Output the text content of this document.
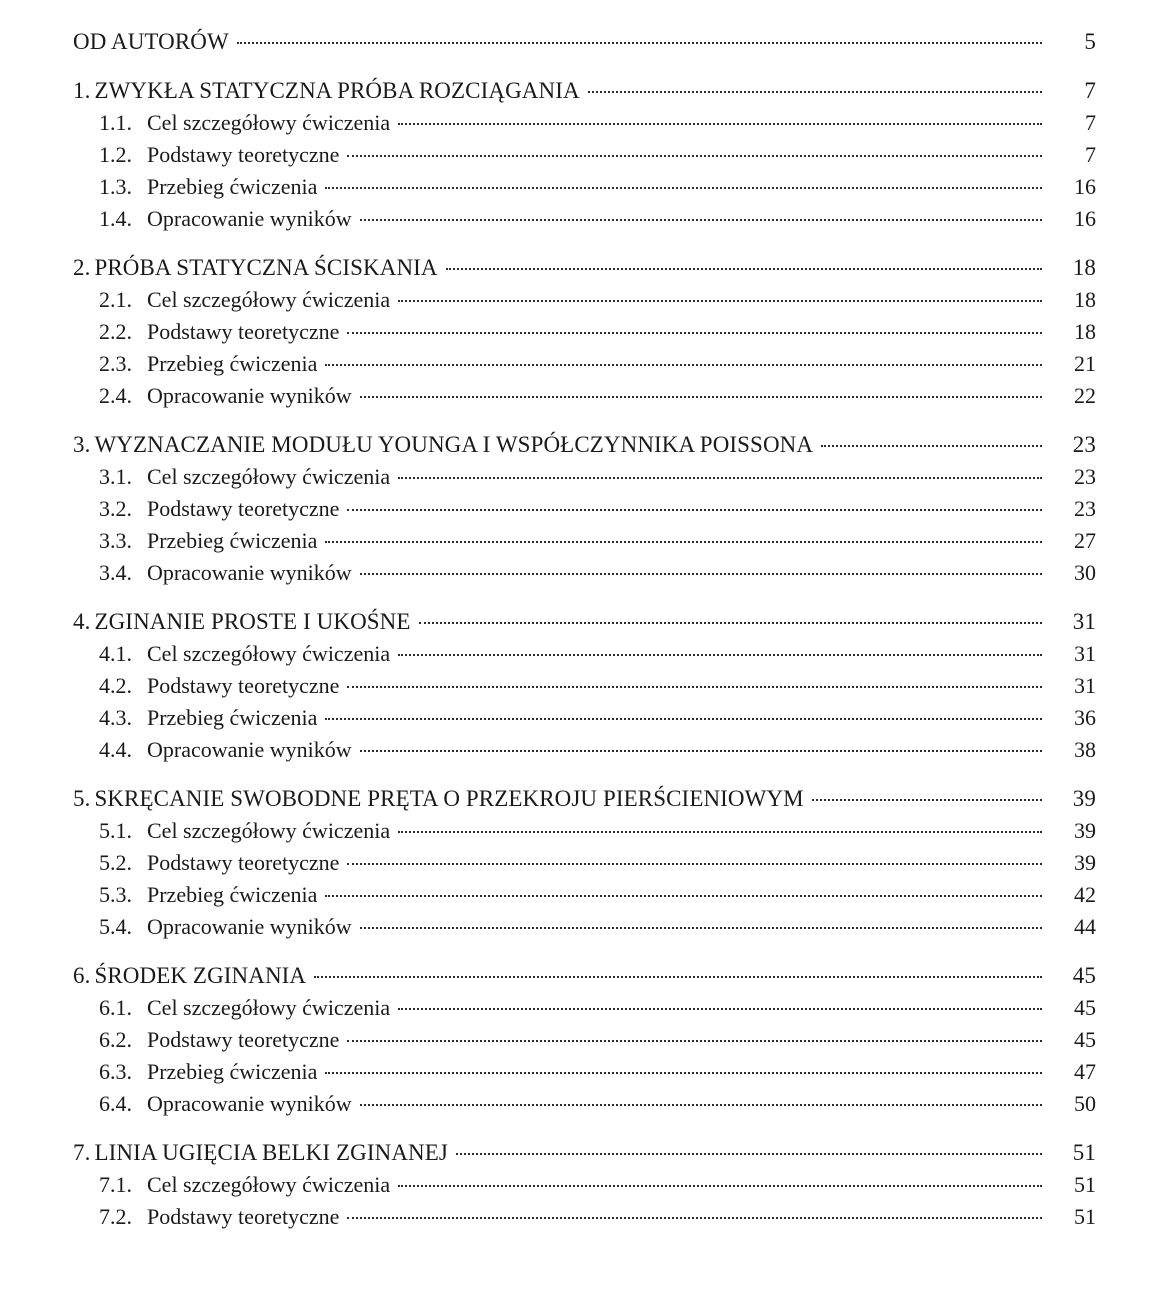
OD AUTORÓW	5
1. ZWYKŁA STATYCZNA PRÓBA ROZCIĄGANIA	7
1.1. Cel szczegółowy ćwiczenia	7
1.2. Podstawy teoretyczne	7
1.3. Przebieg ćwiczenia	16
1.4. Opracowanie wyników	16
2. PRÓBA STATYCZNA ŚCISKANIA	18
2.1. Cel szczegółowy ćwiczenia	18
2.2. Podstawy teoretyczne	18
2.3. Przebieg ćwiczenia	21
2.4. Opracowanie wyników	22
3. WYZNACZANIE MODUŁU YOUNGA I WSPÓŁCZYNNIKA POISSONA	23
3.1. Cel szczegółowy ćwiczenia	23
3.2. Podstawy teoretyczne	23
3.3. Przebieg ćwiczenia	27
3.4. Opracowanie wyników	30
4. ZGINANIE PROSTE I UKOŚNE	31
4.1. Cel szczegółowy ćwiczenia	31
4.2. Podstawy teoretyczne	31
4.3. Przebieg ćwiczenia	36
4.4. Opracowanie wyników	38
5. SKRĘCANIE SWOBODNE PRĘTA O PRZEKROJU PIERŚCIENIOWYM	39
5.1. Cel szczegółowy ćwiczenia	39
5.2. Podstawy teoretyczne	39
5.3. Przebieg ćwiczenia	42
5.4. Opracowanie wyników	44
6. ŚRODEK ZGINANIA	45
6.1. Cel szczegółowy ćwiczenia	45
6.2. Podstawy teoretyczne	45
6.3. Przebieg ćwiczenia	47
6.4. Opracowanie wyników	50
7. LINIA UGIĘCIA BELKI ZGINANEJ	51
7.1. Cel szczegółowy ćwiczenia	51
7.2. Podstawy teoretyczne	51
